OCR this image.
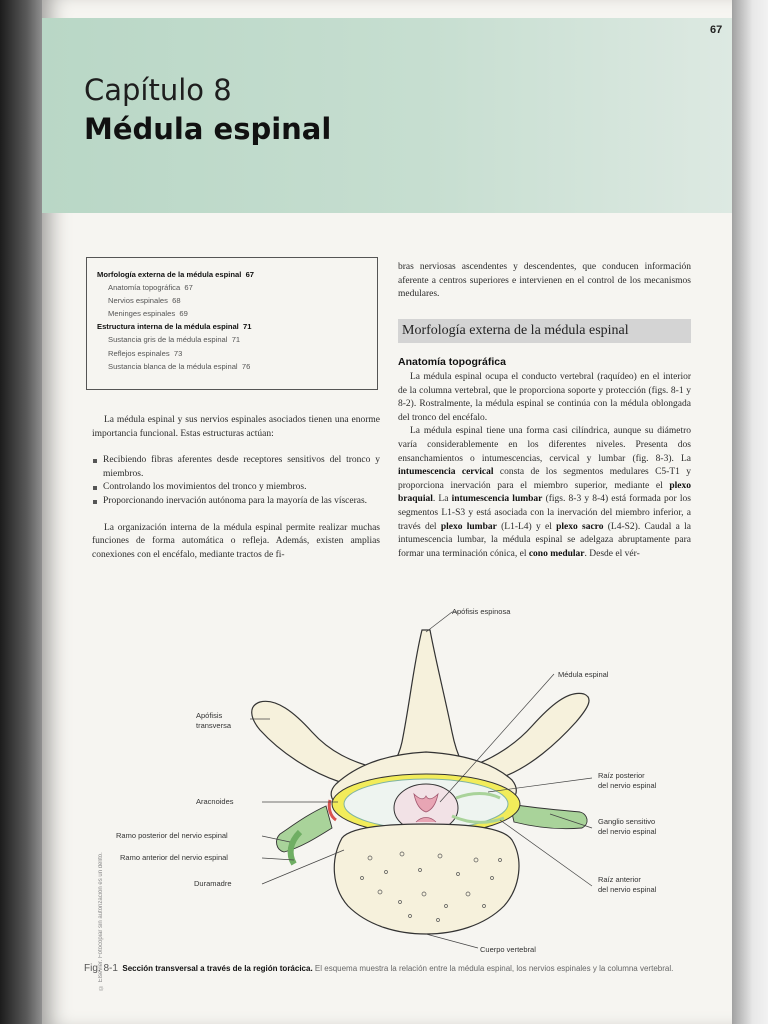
67
Capítulo 8
Médula espinal
Morfología externa de la médula espinal 67
Anatomía topográfica 67
Nervios espinales 68
Meninges espinales 69
Estructura interna de la médula espinal 71
Sustancia gris de la médula espinal 71
Reflejos espinales 73
Sustancia blanca de la médula espinal 76

La médula espinal y sus nervios espinales asociados tienen una enorme importancia funcional. Estas estructuras actúan:

Recibiendo fibras aferentes desde receptores sensitivos del tronco y miembros.
Controlando los movimientos del tronco y miembros.
Proporcionando inervación autónoma para la mayoría de las vísceras.

La organización interna de la médula espinal permite realizar muchas funciones de forma automática o refleja. Además, existen amplias conexiones con el encéfalo, mediante tractos de fi-

bras nerviosas ascendentes y descendentes, que conducen información aferente a centros superiores e intervienen en el control de los mecanismos medulares.

Morfología externa de la médula espinal
Anatomía topográfica

La médula espinal ocupa el conducto vertebral (raquídeo) en el interior de la columna vertebral, que le proporciona soporte y protección (figs. 8-1 y 8-2). Rostralmente, la médula espinal se continúa con la médula oblongada del tronco del encéfalo.

La médula espinal tiene una forma casi cilíndrica, aunque su diámetro varía considerablemente en los diferentes niveles. Presenta dos ensanchamientos o intumescencias, cervical y lumbar (fig. 8-3). La intumescencia cervical consta de los segmentos medulares C5-T1 y proporciona inervación para el miembro superior, mediante el plexo braquial. La intumescencia lumbar (figs. 8-3 y 8-4) está formada por los segmentos L1-S3 y está asociada con la inervación del miembro inferior, a través del plexo lumbar (L1-L4) y el plexo sacro (L4-S2). Caudal a la intumescencia lumbar, la médula espinal se adelgaza abruptamente para formar una terminación cónica, el cono medular. Desde el vér-

© Elsevier. Fotocopiar sin autorización es un delito.
Fig. 8-1 Sección transversal a través de la región torácica. El esquema muestra la relación entre la médula espinal, los nervios espinales y la columna vertebral.
Apófisis espinosa
Médula espinal
Apófisis
transversa
Aracnoides
Raíz posterior
del nervio espinal
Ganglio sensitivo
del nervio espinal
Ramo posterior del nervio espinal
Ramo anterior del nervio espinal
Duramadre	Raíz anterior
del nervio espinal
Cuerpo vertebral
